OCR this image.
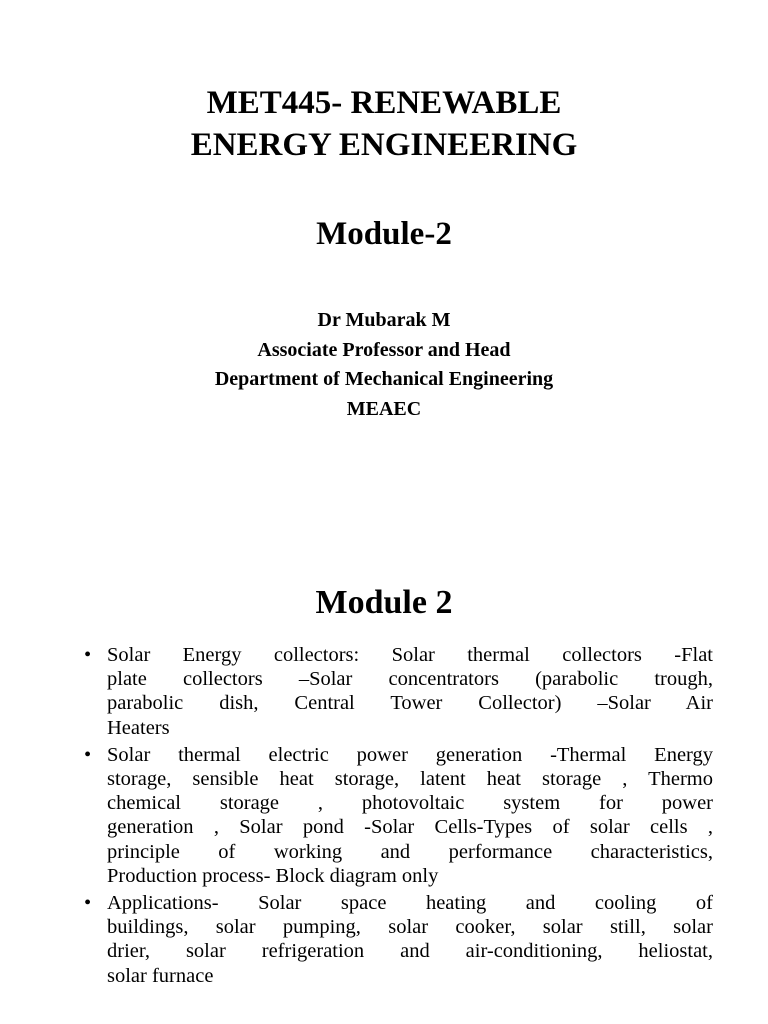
MET445- RENEWABLE
ENERGY ENGINEERING
Module-2
Dr Mubarak M
Associate Professor and Head
Department of Mechanical Engineering
MEAEC
Module 2
• Solar Energy collectors: Solar thermal collectors -Flat
plate collectors –Solar concentrators (parabolic trough,
parabolic dish, Central Tower Collector) –Solar Air
Heaters
• Solar thermal electric power generation -Thermal Energy
storage, sensible heat storage, latent heat storage , Thermo
chemical storage , photovoltaic system for power
generation , Solar pond -Solar Cells-Types of solar cells ,
principle of working and performance characteristics,
Production process- Block diagram only
• Applications- Solar space heating and cooling of
buildings, solar pumping, solar cooker, solar still, solar
drier, solar refrigeration and air-conditioning, heliostat,
solar furnace
